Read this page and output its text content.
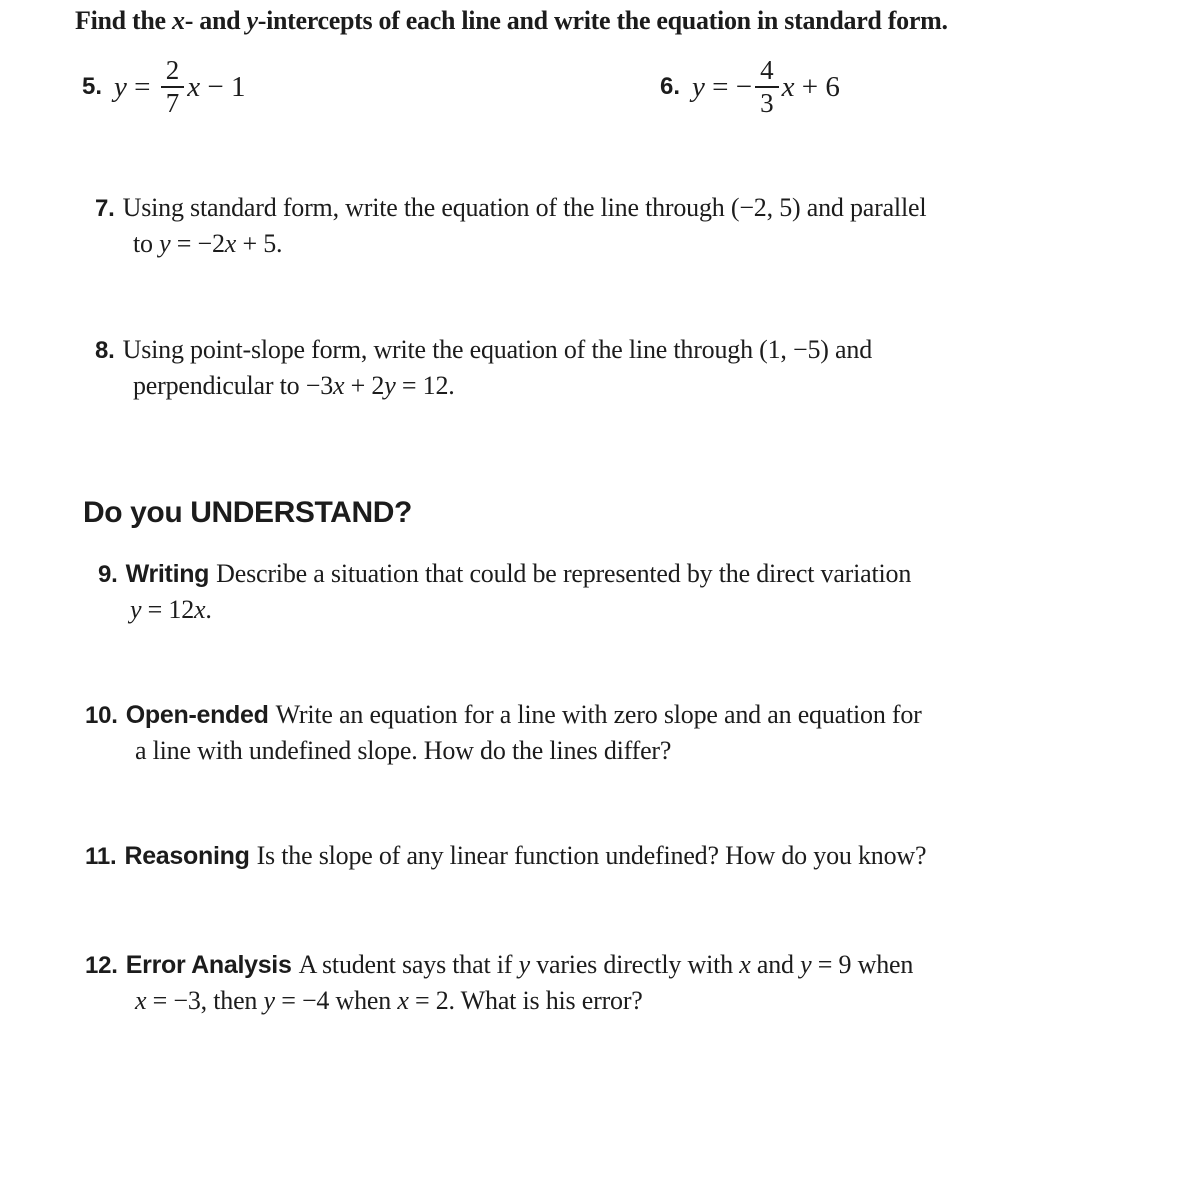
Find the x- and y-intercepts of each line and write the equation in standard form.
5. $y = \frac{2}{7}$ x − 1	6. y = − $\frac{4}{3}$ x + 6
7. Using standard form, write the equation of the line through (−2, 5) and parallel
to y = −2x + 5.
8. Using point-slope form, write the equation of the line through (1, −5) and
perpendicular to −3x + 2y = 12.
Do you UNDERSTAND?
9. Writing Describe a situation that could be represented by the direct variation
y = 12x.
10. Open-ended Write an equation for a line with zero slope and an equation for
a line with undefined slope. How do the lines differ?
11. Reasoning Is the slope of any linear function undefined? How do you know?
12. Error Analysis A student says that if y varies directly with x and y = 9 when
x = −3, then y = −4 when x = 2. What is his error?
